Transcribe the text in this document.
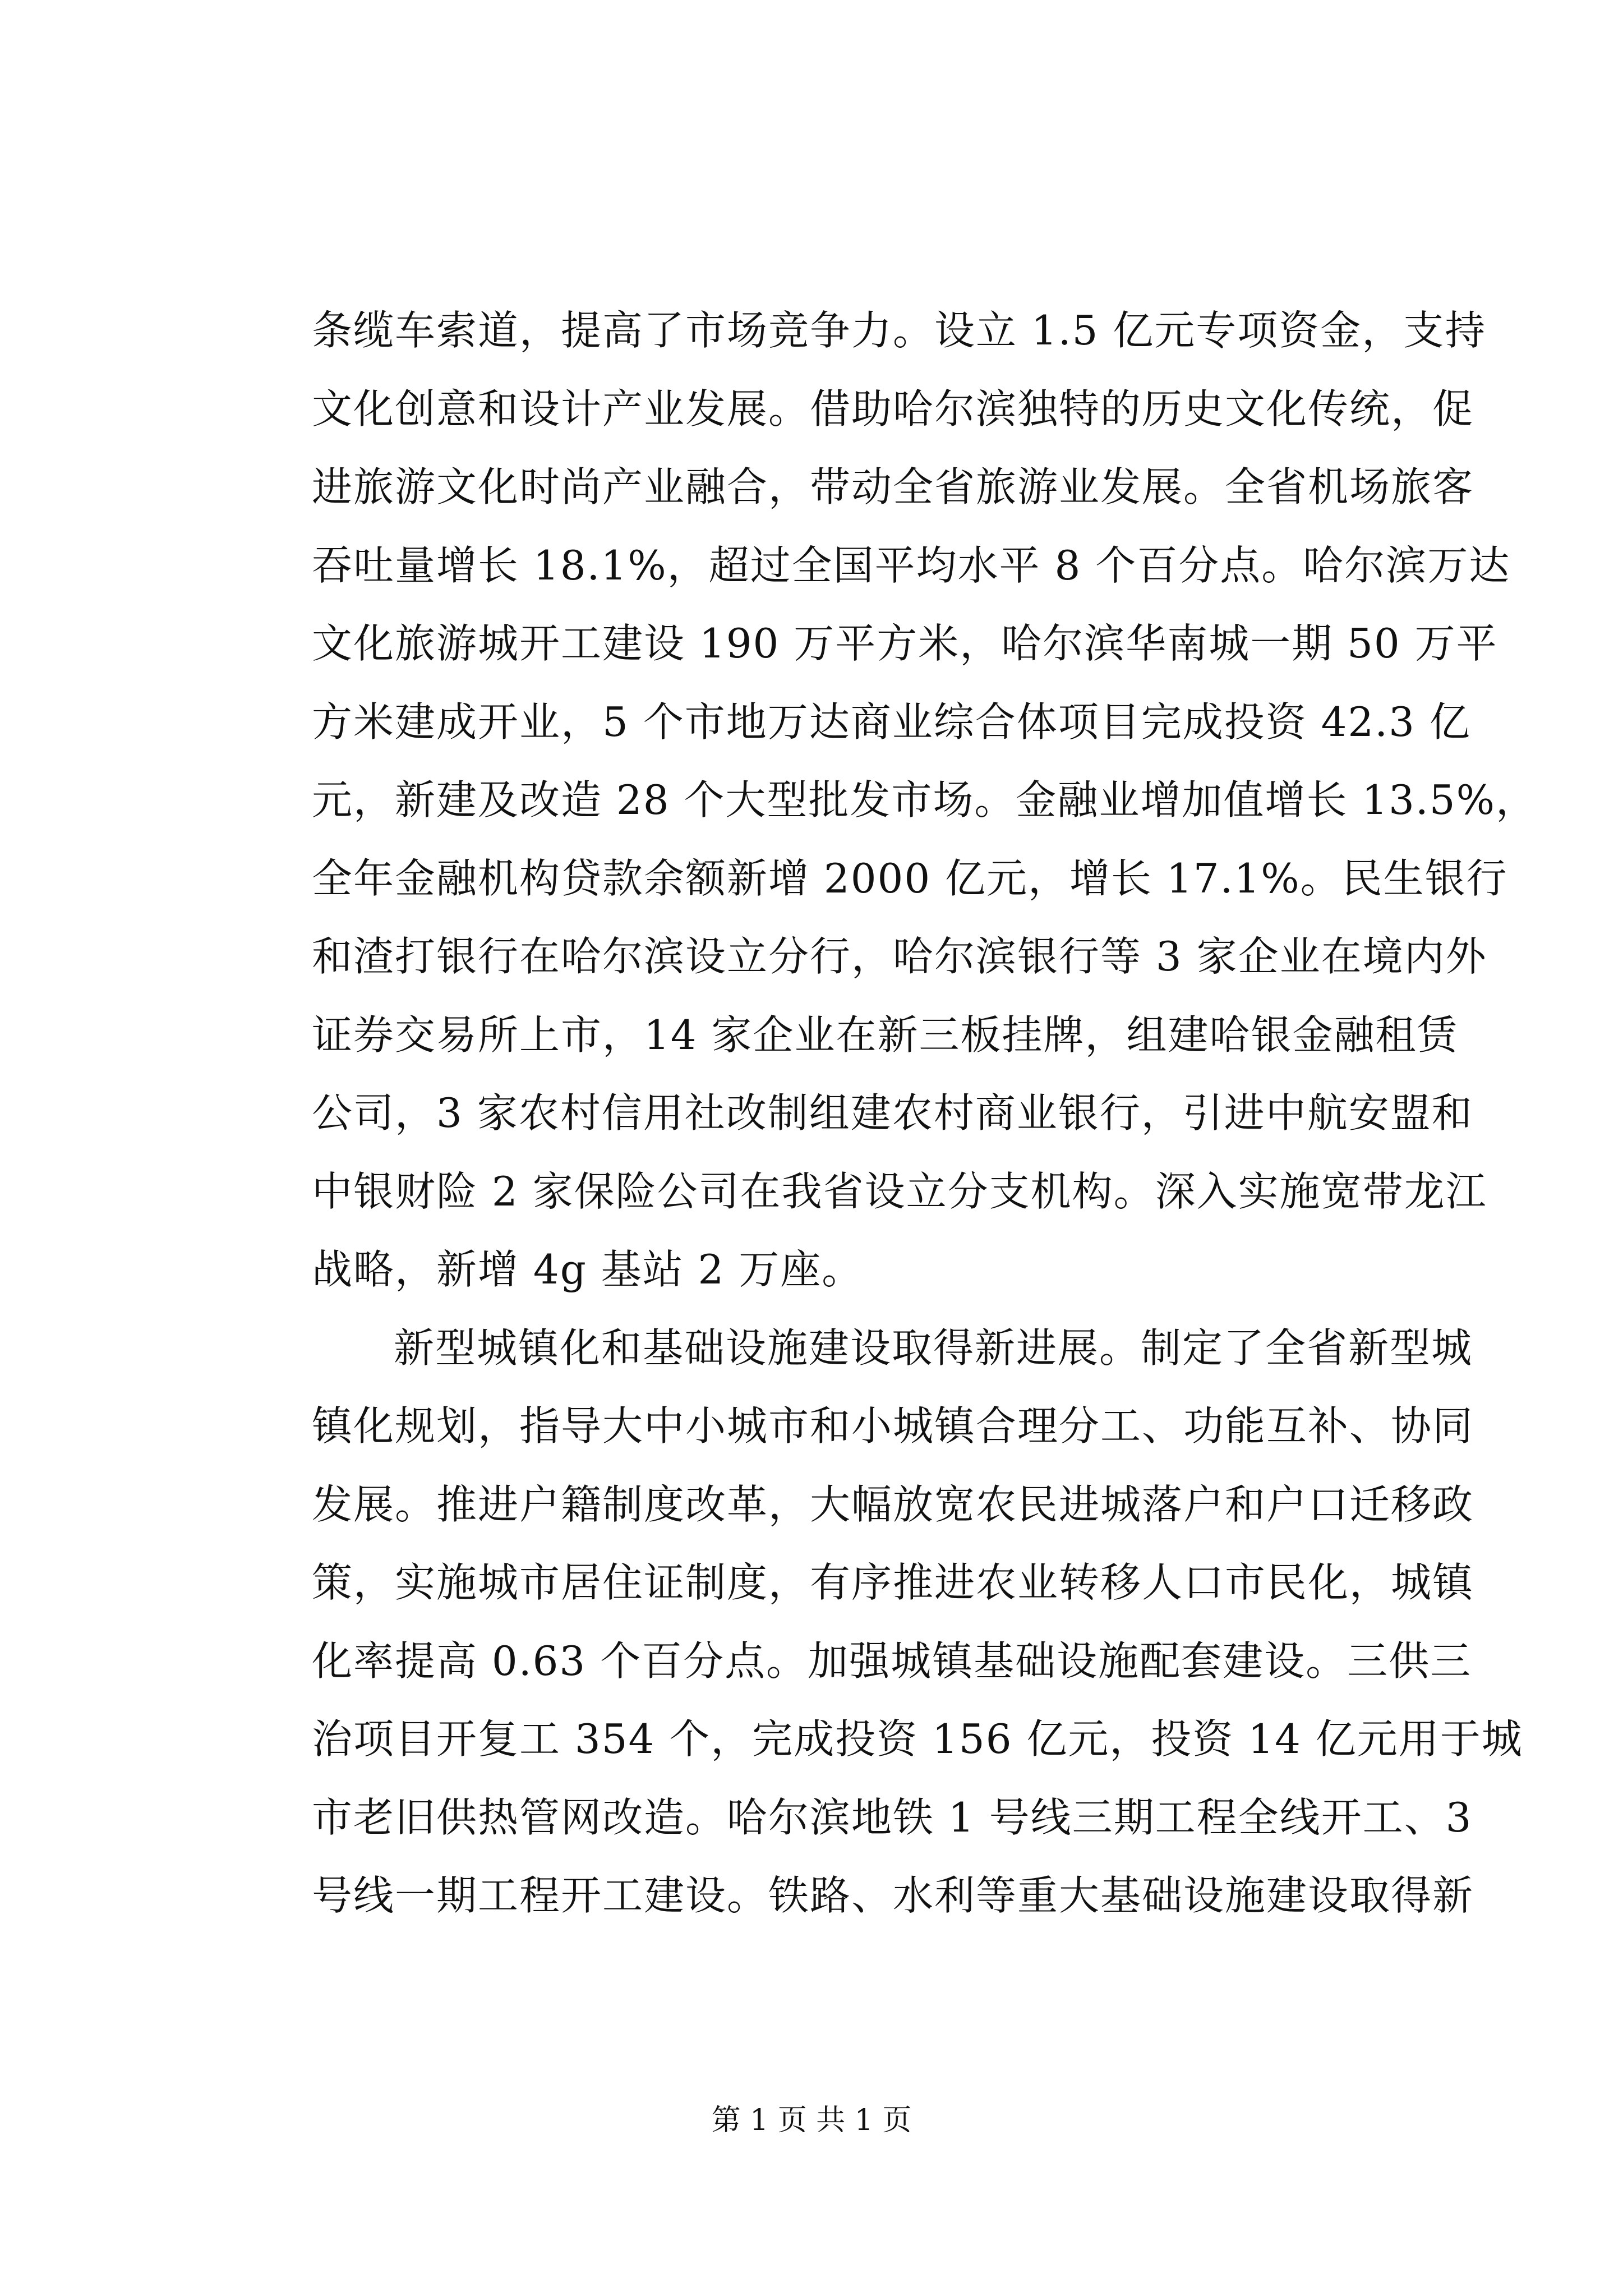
条缆车索道，提高了市场竞争力。设立 1.5 亿元专项资金，支持
文化创意和设计产业发展。借助哈尔滨独特的历史文化传统，促
进旅游文化时尚产业融合，带动全省旅游业发展。全省机场旅客
吞吐量增长 18.1%，超过全国平均水平 8 个百分点。哈尔滨万达
文化旅游城开工建设 190 万平方米，哈尔滨华南城一期 50 万平
方米建成开业，5 个市地万达商业综合体项目完成投资 42.3 亿
元，新建及改造 28 个大型批发市场。金融业增加值增长 13.5%，
全年金融机构贷款余额新增 2000 亿元，增长 17.1%。民生银行
和渣打银行在哈尔滨设立分行，哈尔滨银行等 3 家企业在境内外
证券交易所上市，14 家企业在新三板挂牌，组建哈银金融租赁
公司，3 家农村信用社改制组建农村商业银行，引进中航安盟和
中银财险 2 家保险公司在我省设立分支机构。深入实施宽带龙江
战略，新增 4g 基站 2 万座。
新型城镇化和基础设施建设取得新进展。制定了全省新型城
镇化规划，指导大中小城市和小城镇合理分工、功能互补、协同
发展。推进户籍制度改革，大幅放宽农民进城落户和户口迁移政
策，实施城市居住证制度，有序推进农业转移人口市民化，城镇
化率提高 0.63 个百分点。加强城镇基础设施配套建设。三供三
治项目开复工 354 个，完成投资 156 亿元，投资 14 亿元用于城
市老旧供热管网改造。哈尔滨地铁 1 号线三期工程全线开工、3
号线一期工程开工建设。铁路、水利等重大基础设施建设取得新
第 1 页 共 1 页
